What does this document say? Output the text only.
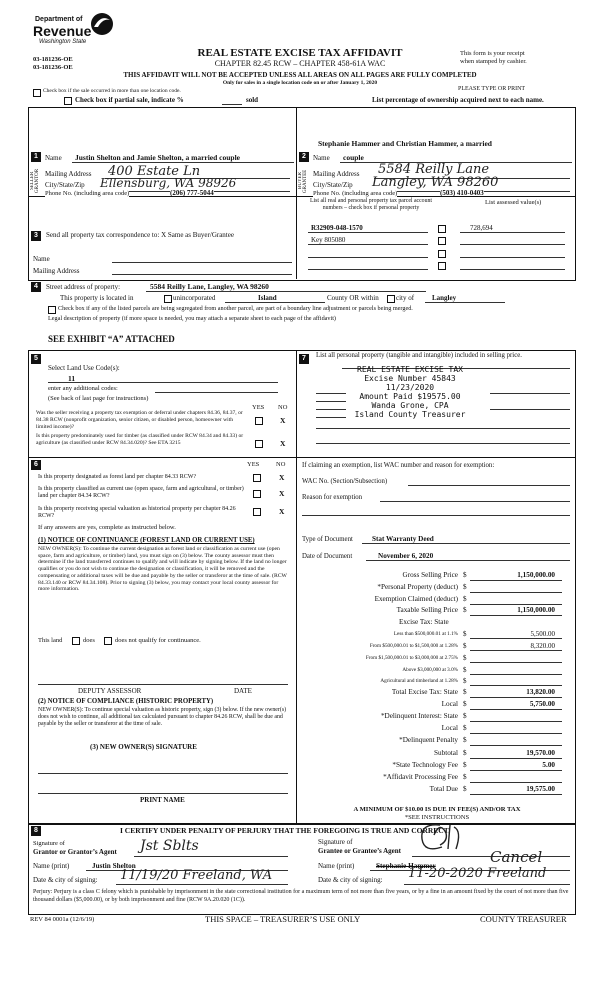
Department of
Revenue
Washington State
03-181236-OE
03-181236-OE
REAL ESTATE EXCISE TAX AFFIDAVIT
CHAPTER 82.45 RCW – CHAPTER 458-61A WAC
THIS AFFIDAVIT WILL NOT BE ACCEPTED UNLESS ALL AREAS ON ALL PAGES ARE FULLY COMPLETED
Only for sales in a single location code on or after January 1, 2020
This form is your receipt
when stamped by cashier.
PLEASE TYPE OR PRINT
Check box if the sale occurred in more than one location code.
Check box if partial sale, indicate %	sold	List percentage of ownership acquired next to each name.
1	Name Justin Shelton and Jamie Shelton, a married couple
SELLER GRANTOR Mailing Address 400 Estate Ln
City/State/Zip Ellensburg, WA 98926
Stephanie Hammer and Christian Hammer, a married
2	Name couple
BUYER GRANTEE Mailing Address 5584 Reilly Lane
City/State/Zip Langley, WA 98260
3	Send all property tax correspondence to: X Same as Buyer/Grantee
Name
Mailing Address
List all real and personal property tax parcel account numbers – check box if personal property
List assessed value(s)
R32909-048-1570	728,694
Key 805080
4	Street address of property:	5584 Reilly Lane, Langley, WA 98260
This property is located in	unincorporated	Island	County OR within city of	Langley
Check box if any of the listed parcels are being segregated from another parcel, are part of a boundary line adjustment or parcels being merged.
Legal description of property (if more space is needed, you may attach a separate sheet to each page of the affidavit)
SEE EXHIBIT “A” ATTACHED
5
Select Land Use Code(s):
11
enter any additional codes:
(See back of last page for instructions)
YES NO
Was the seller receiving a property tax exemption or deferral under chapters 84.36, 84.37, or 84.38 RCW (nonprofit organization, senior citizen, or disabled person, homeowner with limited income)?
X
Is this property predominately used for timber (as classified under RCW 84.34 and 84.33) or agriculture (as classified under RCW 84.34.020)? See ETA 3215	X
6	YES	NO
Is this property designated as forest land per chapter 84.33 RCW?	X
Is this property classified as current use (open space, farm and agricultural, or timber) land per chapter 84.34 RCW?	X
Is this property receiving special valuation as historical property per chapter 84.26 RCW?	X
If any answers are yes, complete as instructed below.
(1) NOTICE OF CONTINUANCE (FOREST LAND OR CURRENT USE)
NEW OWNER(S): To continue the current designation as forest land or classification as current use (open space, farm and agriculture, or timber) land, you must sign on (3) below. The county assessor must then determine if the land transferred continues to qualify and will indicate by signing below. If the land no longer qualifies or you do not wish to continue the designation or classification, it will be removed and the compensating or additional taxes will be due and payable by the seller or transferor at the time of sale. (RCW 84.33.140 or RCW 84.34.108). Prior to signing (3) below, you may contact your local county assessor for more information.
This land	does	does not qualify for continuance.
DEPUTY ASSESSOR	DATE
(2) NOTICE OF COMPLIANCE (HISTORIC PROPERTY)
NEW OWNER(S): To continue special valuation as historic property, sign (3) below. If the new owner(s) does not wish to continue, all additional tax calculated pursuant to chapter 84.26 RCW, shall be due and payable by the seller or transferor at the time of sale.
(3) NEW OWNER(S) SIGNATURE
PRINT NAME
7	List all personal property (tangible and intangible) included in selling price.
REAL ESTATE EXCISE TAX
Excise Number 45843
11/23/2020
Amount Paid $19575.00
Wanda Grone, CPA
Island County Treasurer
If claiming an exemption, list WAC number and reason for exemption:
WAC No. (Section/Subsection)
Reason for exemption
Type of Document	Stat Warranty Deed
Date of Document	November 6, 2020
Gross Selling Price $	1,150,000.00
*Personal Property (deduct) $
Exemption Claimed (deduct) $
Taxable Selling Price $	1,150,000.00
Excise Tax: State
Less than $500,000.01 at 1.1% $	5,500.00
From $500,000.01 to $1,500,000 at 1.28% $	8,320.00
From $1,500,000.01 to $3,000,000 at 2.75% $
Above $3,000,000 at 3.0% $
Agricultural and timberland at 1.28% $
Total Excise Tax: State $	13,820.00
Local $	5,750.00
*Delinquent Interest: State $
Local $
*Delinquent Penalty $
Subtotal $	19,570.00
*State Technology Fee $	5.00
*Affidavit Processing Fee $
Total Due $	19,575.00
A MINIMUM OF $10.00 IS DUE IN FEE(S) AND/OR TAX
*SEE INSTRUCTIONS
8	I CERTIFY UNDER PENALTY OF PERJURY THAT THE FOREGOING IS TRUE AND CORRECT.
Signature of
Grantor or Grantor’s Agent Jst Sblts
Name (print)	Justin Shelton
Date & city of signing: 11/19/20 Freeland, WA
Signature of
Grantee or Grantee’s Agent
Name (print)	Stephanie Hammer	Cancel
Date & city of signing: 11-20-2020 Freeland
Perjury: Perjury is a class C felony which is punishable by imprisonment in the state correctional institution for a maximum term of not more than five years, or by a fine in an amount fixed by the court of not more than five thousand dollars ($5,000.00), or by both imprisonment and fine (RCW 9A.20.020 (1C)).
REV 84 0001a (12/6/19)	THIS SPACE – TREASURER’S USE ONLY	COUNTY TREASURER
Phone No. (including area code)	(206) 777-5044	Phone No. (including area code)	(503) 410-0403
